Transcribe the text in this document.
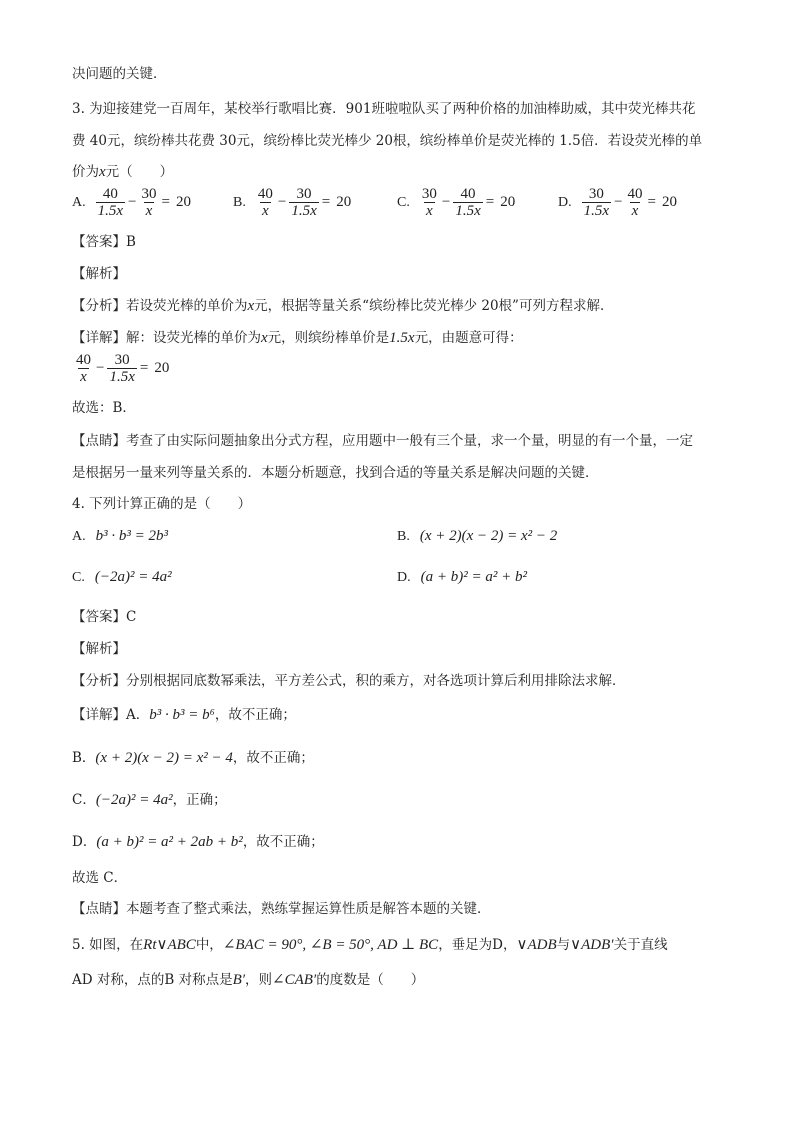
决问题的关键．
3. 为迎接建党一百周年，某校举行歌唱比赛．901班啦啦队买了两种价格的加油棒助威，其中荧光棒共花
费 40元，缤纷棒共花费 30元，缤纷棒比荧光棒少 20根，缤纷棒单价是荧光棒的 1.5倍．若设荧光棒的单
价为x元（　　）
A. $\frac{40}{1.5x} - \frac{30}{x} = 20$	B. $\frac{40}{x} - \frac{30}{1.5x} = 20$	C. $\frac{30}{x} - \frac{40}{1.5x} = 20$	D. $\frac{30}{1.5x} - \frac{40}{x} = 20$
【答案】B
【解析】
【分析】若设荧光棒的单价为x元，根据等量关系“缤纷棒比荧光棒少 20根”可列方程求解．
【详解】解：设荧光棒的单价为x元，则缤纷棒单价是1.5x元，由题意可得：
$\frac{40}{x} - \frac{30}{1.5x} = 20$
故选：B．
【点睛】考查了由实际问题抽象出分式方程，应用题中一般有三个量，求一个量，明显的有一个量，一定
是根据另一量来列等量关系的．本题分析题意，找到合适的等量关系是解决问题的关键．
4. 下列计算正确的是（　　）
A. b³ · b³ = 2b³	B. (x + 2)(x − 2) = x² − 2
C. (−2a)² = 4a²	D. (a + b)² = a² + b²
【答案】C
【解析】
【分析】分别根据同底数幂乘法，平方差公式，积的乘方，对各选项计算后利用排除法求解．
【详解】A．b³ · b³ = b⁶，故不正确；
B．(x + 2)(x − 2) = x² − 4，故不正确；
C．(−2a)² = 4a²，正确；
D．(a + b)² = a² + 2ab + b²，故不正确；
故选 C．
【点睛】本题考查了整式乘法，熟练掌握运算性质是解答本题的关键．
5. 如图，在Rt∨ABC中，∠BAC = 90°, ∠B = 50°, AD ⊥ BC，垂足为D，∨ADB与∨ADB′关于直线
AD 对称，点的B 对称点是B′，则∠CAB′的度数是（　　）
